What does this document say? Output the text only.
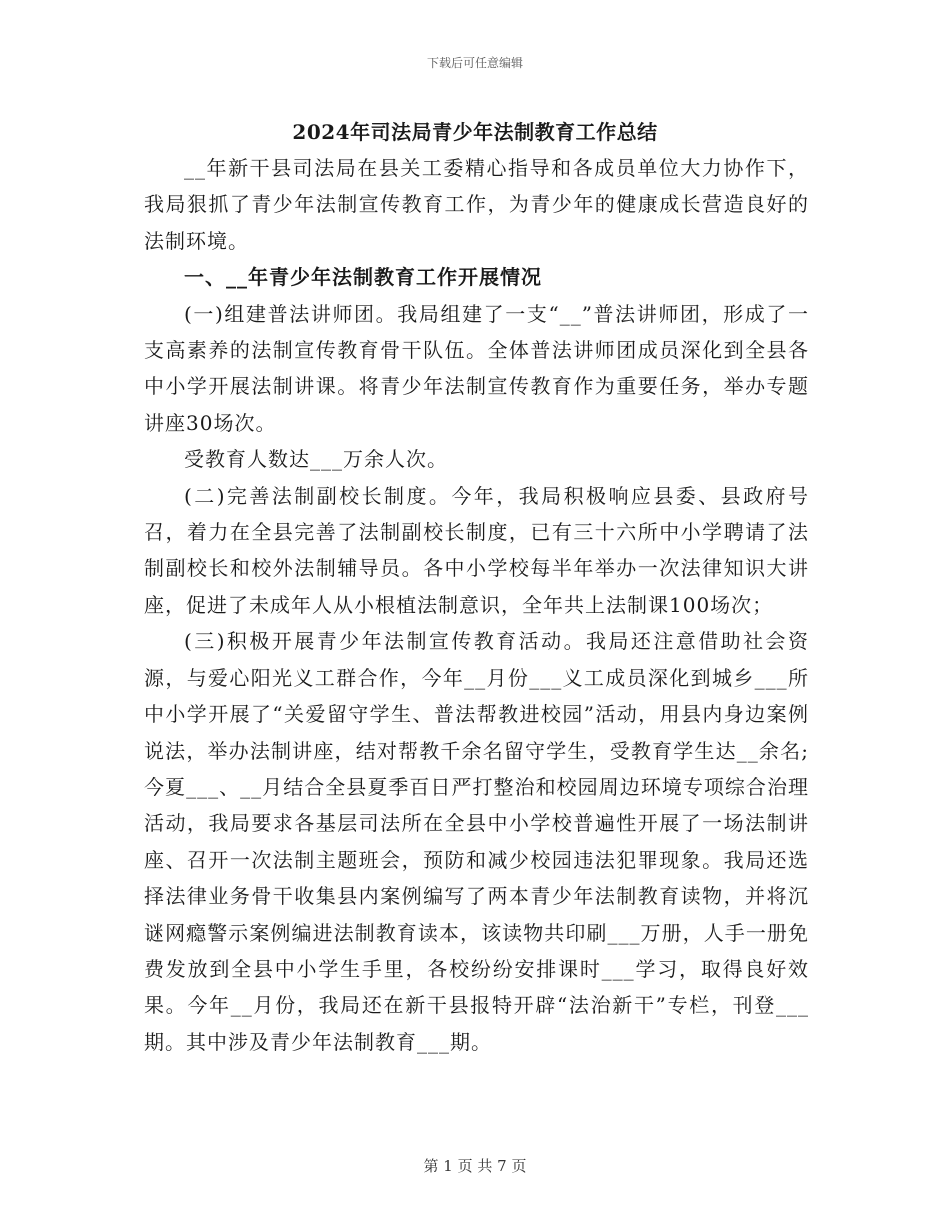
下载后可任意编辑
2024年司法局青少年法制教育工作总结

__年新干县司法局在县关工委精心指导和各成员单位大力协作下，我局狠抓了青少年法制宣传教育工作，为青少年的健康成长营造良好的法制环境。

一、__年青少年法制教育工作开展情况

(一)组建普法讲师团。我局组建了一支“__”普法讲师团，形成了一支高素养的法制宣传教育骨干队伍。全体普法讲师团成员深化到全县各中小学开展法制讲课。将青少年法制宣传教育作为重要任务，举办专题讲座30场次。

受教育人数达___万余人次。

(二)完善法制副校长制度。今年，我局积极响应县委、县政府号召，着力在全县完善了法制副校长制度，已有三十六所中小学聘请了法制副校长和校外法制辅导员。各中小学校每半年举办一次法律知识大讲座，促进了未成年人从小根植法制意识，全年共上法制课100场次；

(三)积极开展青少年法制宣传教育活动。我局还注意借助社会资源，与爱心阳光义工群合作，今年__月份___义工成员深化到城乡___所中小学开展了“关爱留守学生、普法帮教进校园”活动，用县内身边案例说法，举办法制讲座，结对帮教千余名留守学生，受教育学生达__余名;今夏___、__月结合全县夏季百日严打整治和校园周边环境专项综合治理活动，我局要求各基层司法所在全县中小学校普遍性开展了一场法制讲座、召开一次法制主题班会，预防和减少校园违法犯罪现象。我局还选择法律业务骨干收集县内案例编写了两本青少年法制教育读物，并将沉谜网瘾警示案例编进法制教育读本，该读物共印刷___万册，人手一册免费发放到全县中小学生手里，各校纷纷安排课时___学习，取得良好效果。今年__月份，我局还在新干县报特开辟“法治新干”专栏，刊登___期。其中涉及青少年法制教育___期。

第 1 页 共 7 页
